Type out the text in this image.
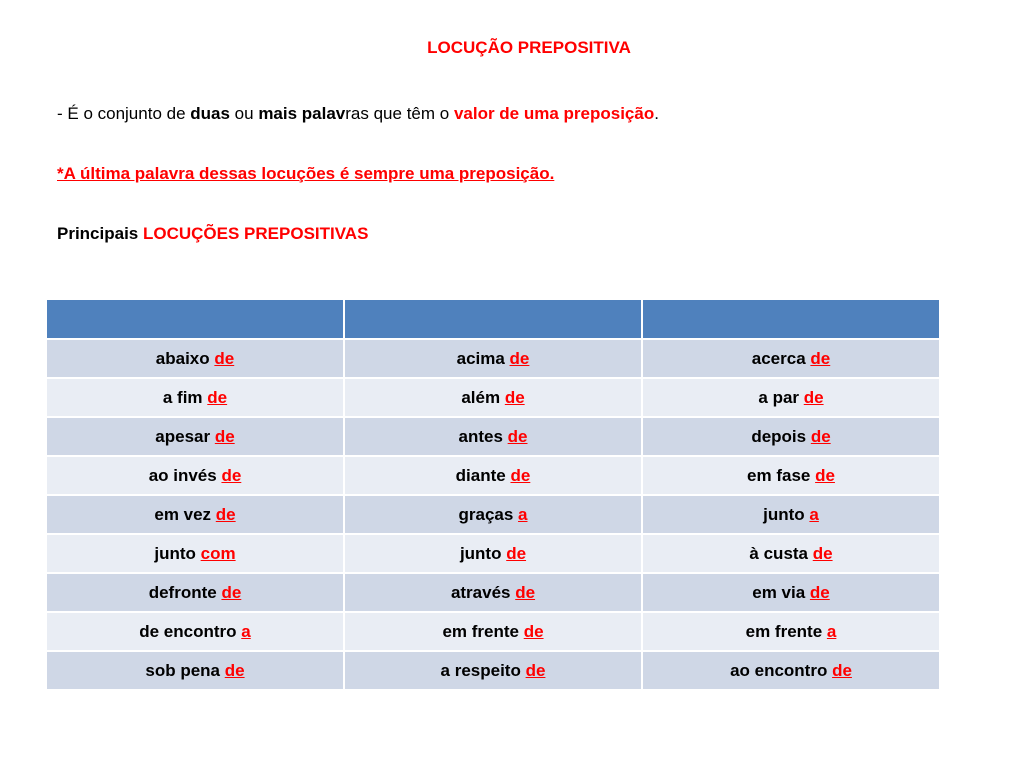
LOCUÇÃO PREPOSITIVA
- É o conjunto de duas ou mais palavras que têm o valor de uma preposição.
*A última palavra dessas locuções é sempre uma preposição.
Principais LOCUÇÕES PREPOSITIVAS

abaixo de	acima de	acerca de
a fim de	além de	a par de
apesar de	antes de	depois de
ao invés de	diante de	em fase de
em vez de	graças a	junto a
junto com	junto de	à custa de
defronte de	através de	em via de
de encontro a	em frente de	em frente a
sob pena de	a respeito de	ao encontro de
